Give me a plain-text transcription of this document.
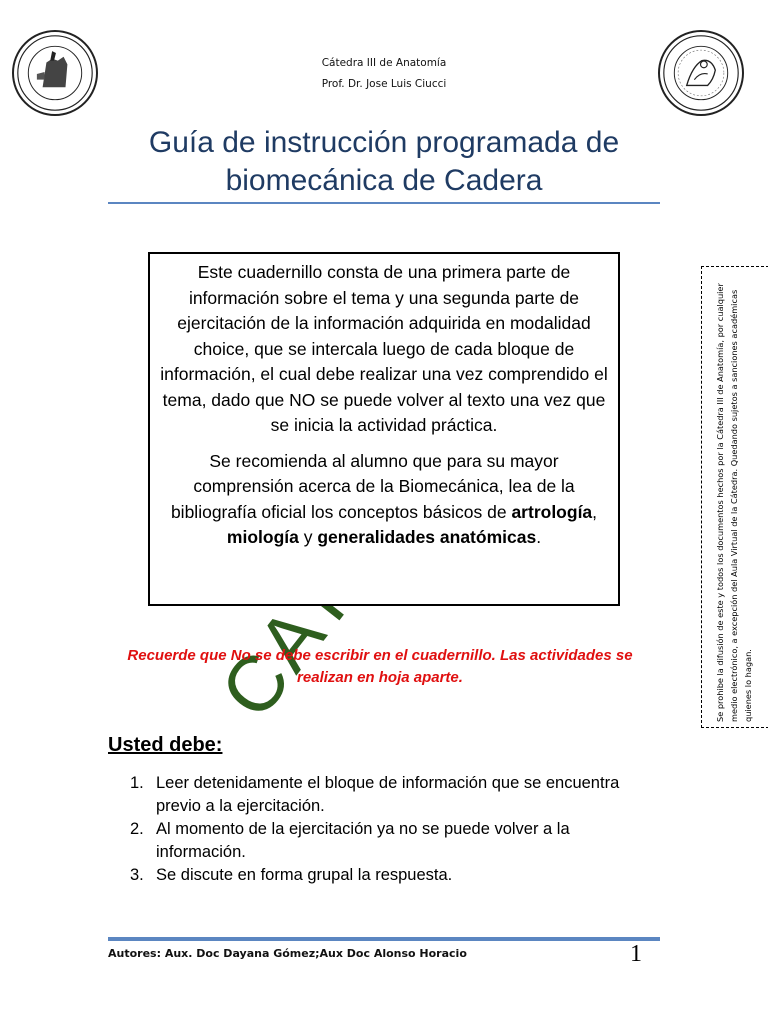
Cátedra III de Anatomía
Prof. Dr. Jose Luis Ciucci
Guía de instrucción programada de
biomecánica de Cadera

Este cuadernillo consta de una primera parte de información sobre el tema y una segunda parte de ejercitación de la información adquirida en modalidad choice, que se intercala luego de cada bloque de información, el cual debe realizar una vez comprendido el tema, dado que NO se puede volver al texto una vez que se inicia la actividad práctica.

Se recomienda al alumno que para su mayor comprensión acerca de la Biomecánica, lea de la bibliografía oficial los conceptos básicos de artrología, miología y generalidades anatómicas.	Se prohibe la difusión de este y todos los documentos hechos por la Cátedra III de Anatomía, por cualquier medio electrónico, a excepción del Aula Virtual de la Cátedra. Quedando sujetos a sanciones académicas quienes lo hagan.
Recuerde que No se debe escribir en el cuadernillo. Las actividades se realizan en hoja aparte.
Usted debe:
1. Leer detenidamente el bloque de información que se encuentra previo a la ejercitación.
2. Al momento de la ejercitación ya no se puede volver a la información.
3. Se discute en forma grupal la respuesta.
Autores: Aux. Doc Dayana Gómez;Aux Doc Alonso Horacio	1
